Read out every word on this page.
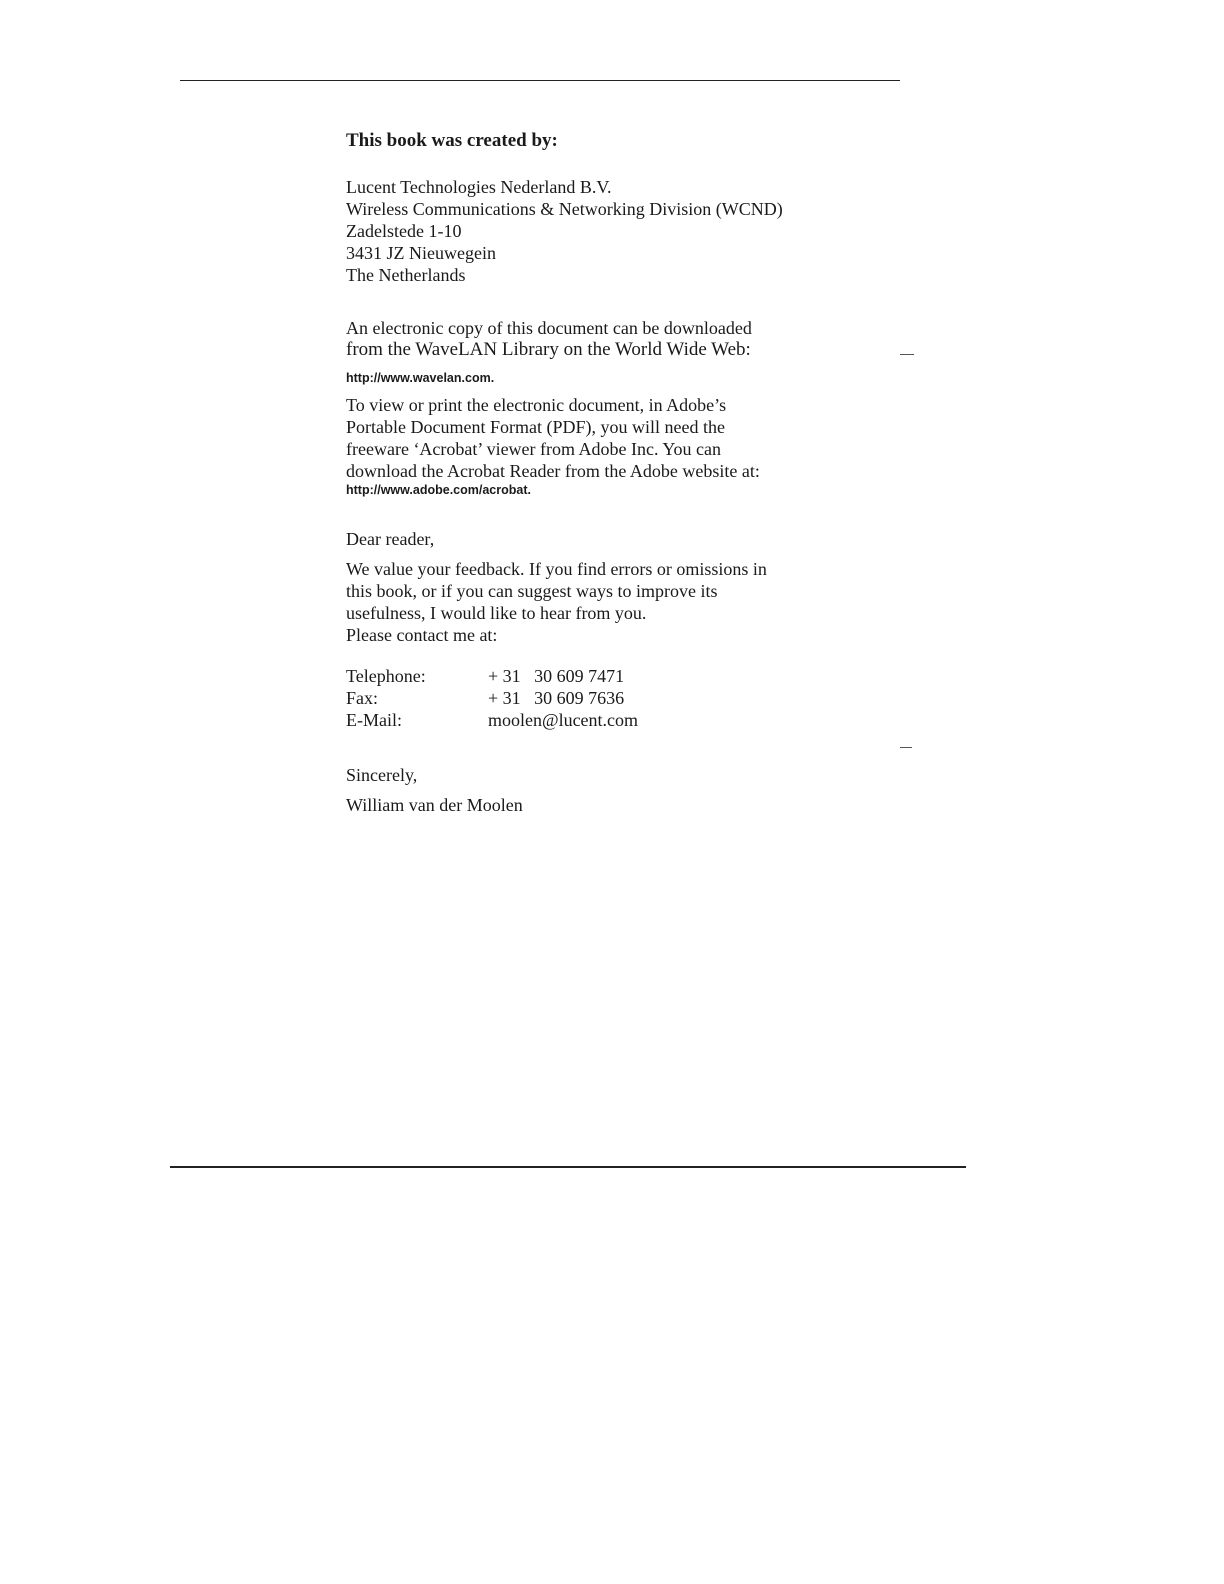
This book was created by:

Lucent Technologies Nederland B.V.
Wireless Communications & Networking Division (WCND)
Zadelstede 1-10
3431 JZ Nieuwegein
The Netherlands
An electronic copy of this document can be downloaded
from the WaveLAN Library on the World Wide Web:
http://www.wavelan.com.
To view or print the electronic document, in Adobe’s
Portable Document Format (PDF), you will need the
freeware ‘Acrobat’ viewer from Adobe Inc. You can
download the Acrobat Reader from the Adobe website at:
http://www.adobe.com/acrobat.
Dear reader,
We value your feedback. If you find errors or omissions in
this book, or if you can suggest ways to improve its
usefulness, I would like to hear from you.
Please contact me at:
Telephone:	+ 31   30 609 7471
Fax:	+ 31   30 609 7636
E-Mail:	moolen@lucent.com
Sincerely,
William van der Moolen
